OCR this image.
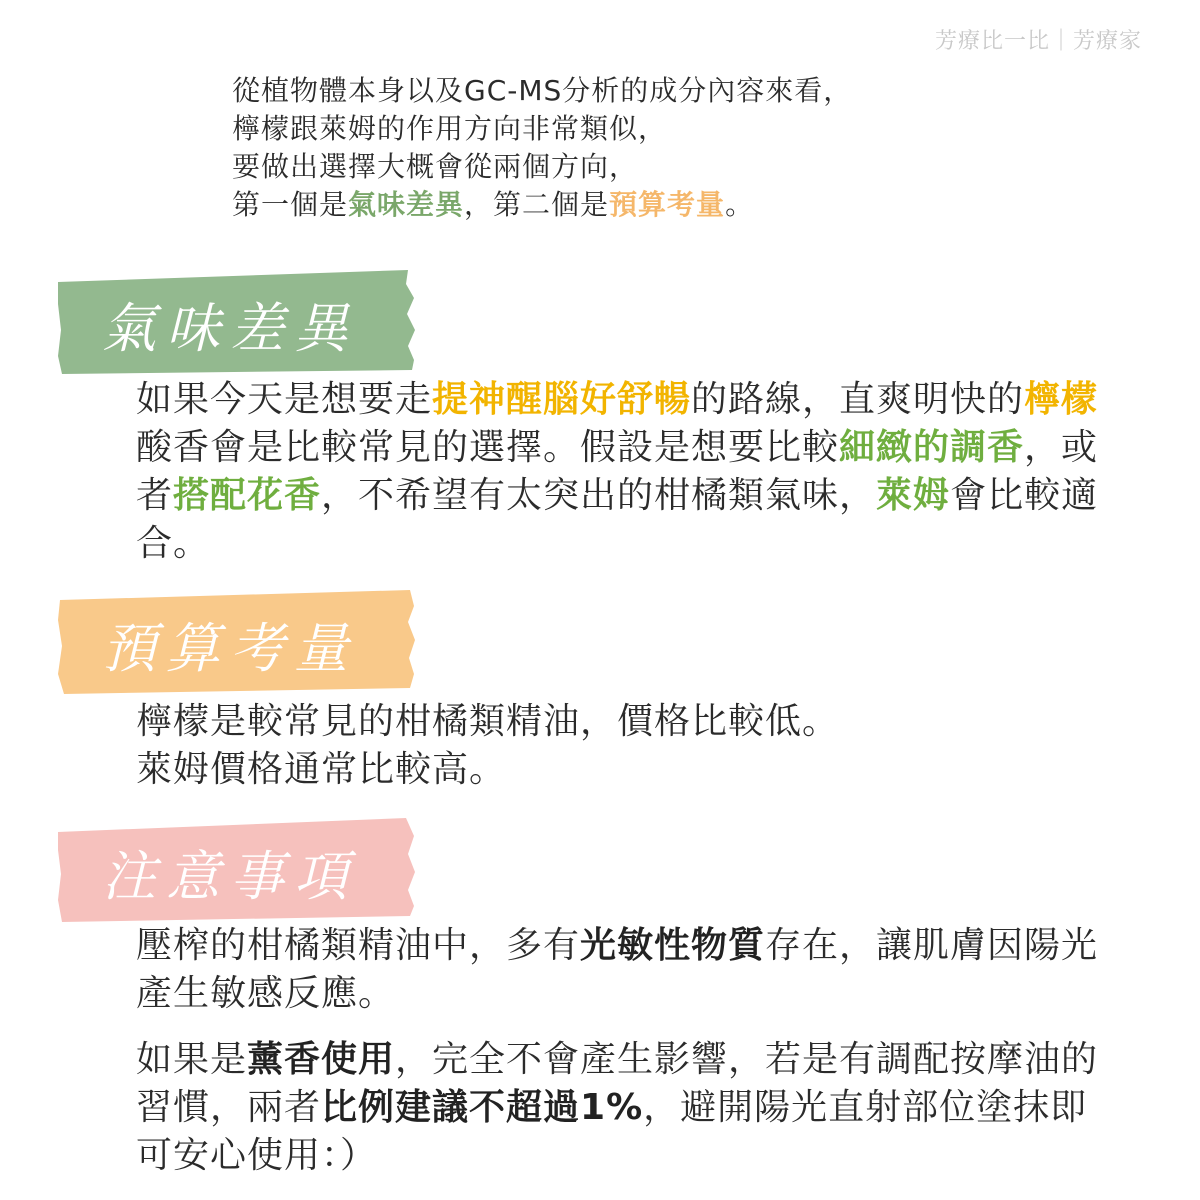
芳療比一比｜芳療家

從植物體本身以及GC-MS分析的成分內容來看，

檸檬跟萊姆的作用方向非常類似，

要做出選擇大概會從兩個方向，

第一個是氣味差異，第二個是預算考量。

氣味差異

如果今天是想要走提神醒腦好舒暢的路線，直爽明快的檸檬酸香會是比較常見的選擇。假設是想要比較細緻的調香，或者搭配花香，不希望有太突出的柑橘類氣味，萊姆會比較適合。

預算考量

檸檬是較常見的柑橘類精油，價格比較低。

萊姆價格通常比較高。

注意事項

壓榨的柑橘類精油中，多有光敏性物質存在，讓肌膚因陽光產生敏感反應。

如果是薰香使用，完全不會產生影響，若是有調配按摩油的習慣，兩者比例建議不超過1%，避開陽光直射部位塗抹即可安心使用：）
